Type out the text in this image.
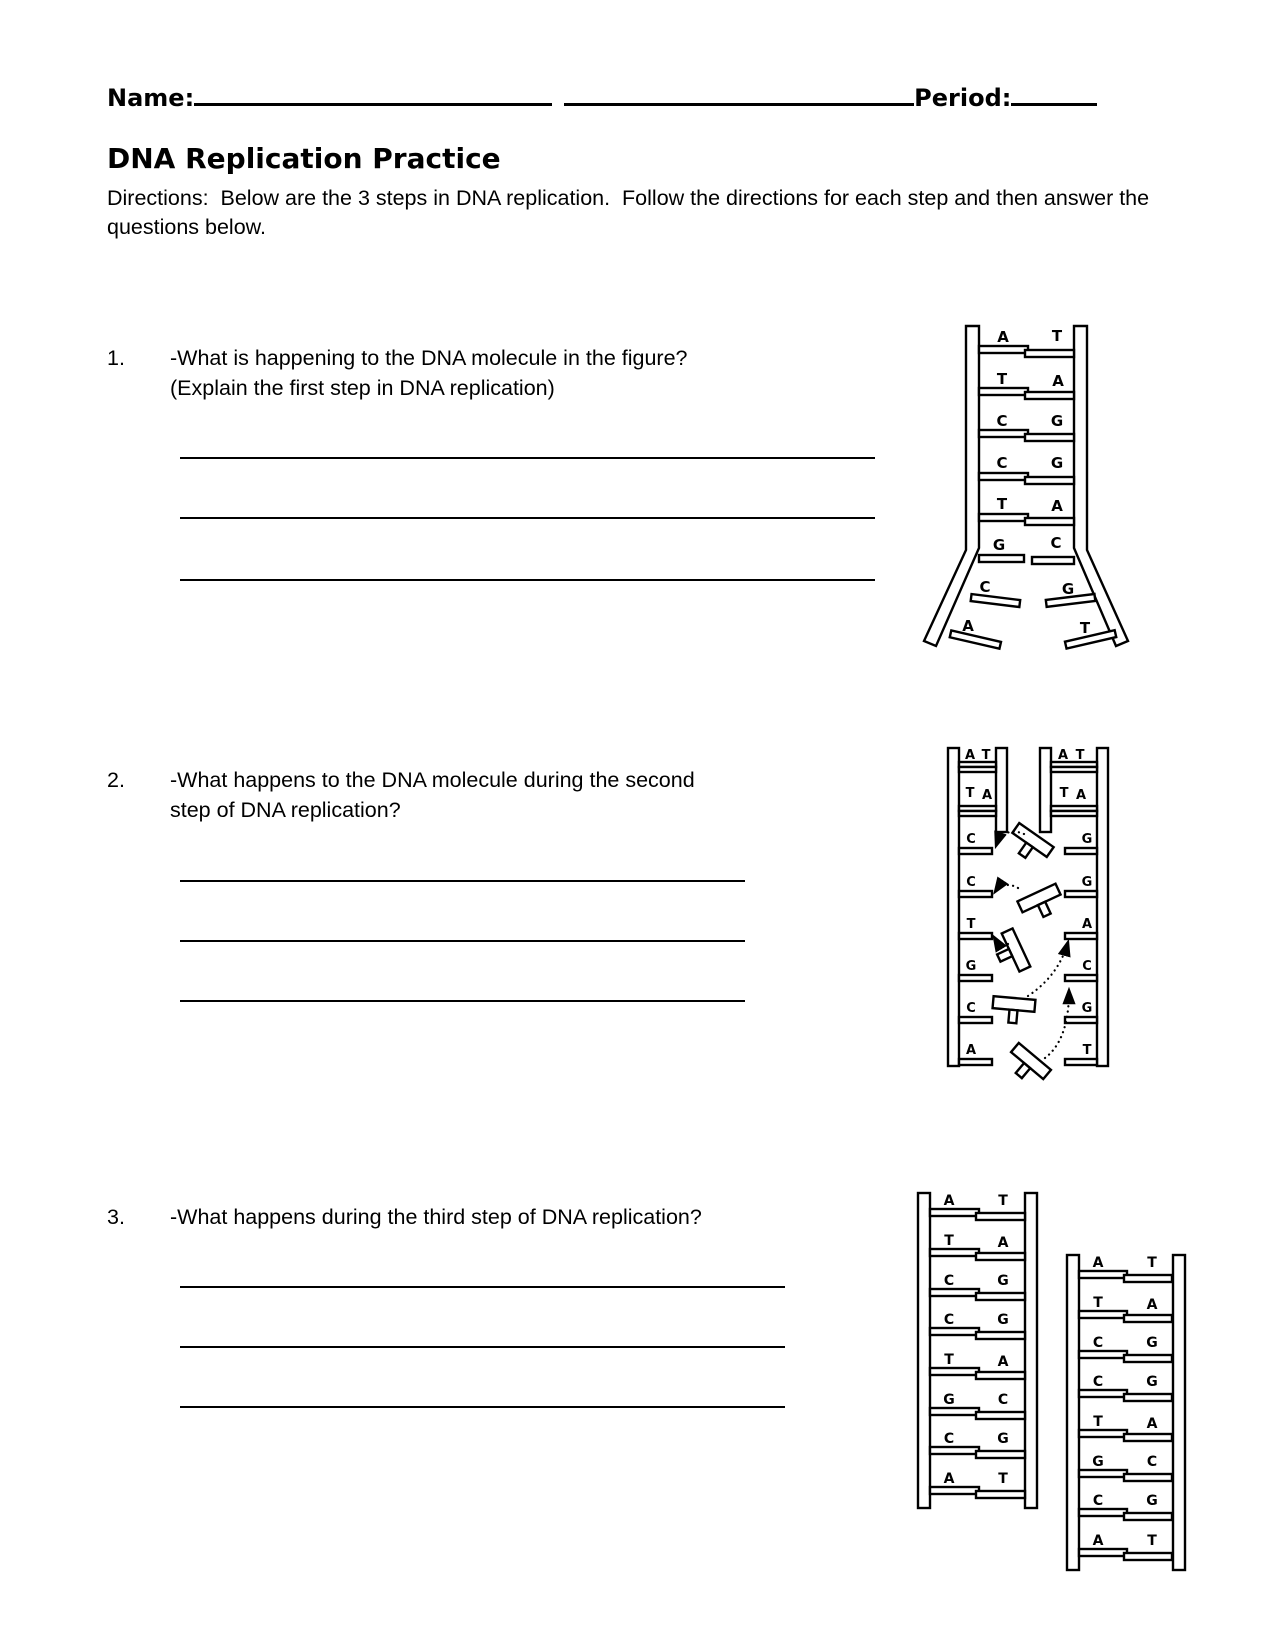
Name:	Period:
DNA Replication Practice
Directions:  Below are the 3 steps in DNA replication.  Follow the directions for each step and then answer the questions below.
1.	-What is happening to the DNA molecule in the figure?
(Explain the first step in DNA replication)
2.	-What happens to the DNA molecule during the second
step of DNA replication?
3.	-What happens during the third step of DNA replication?
A	T
T	A
C	G
C	G
T	A
G	C
C	G
A	T
A T
T A
A T
T A
C	G
C	G
T	A
G	C
C	G
A	T
A	T
T	A
C	G
C	G
T	A
G	C
C	G
A	T
A	T
T	A
C	G
C	G
T	A
G	C
C	G
A	T
